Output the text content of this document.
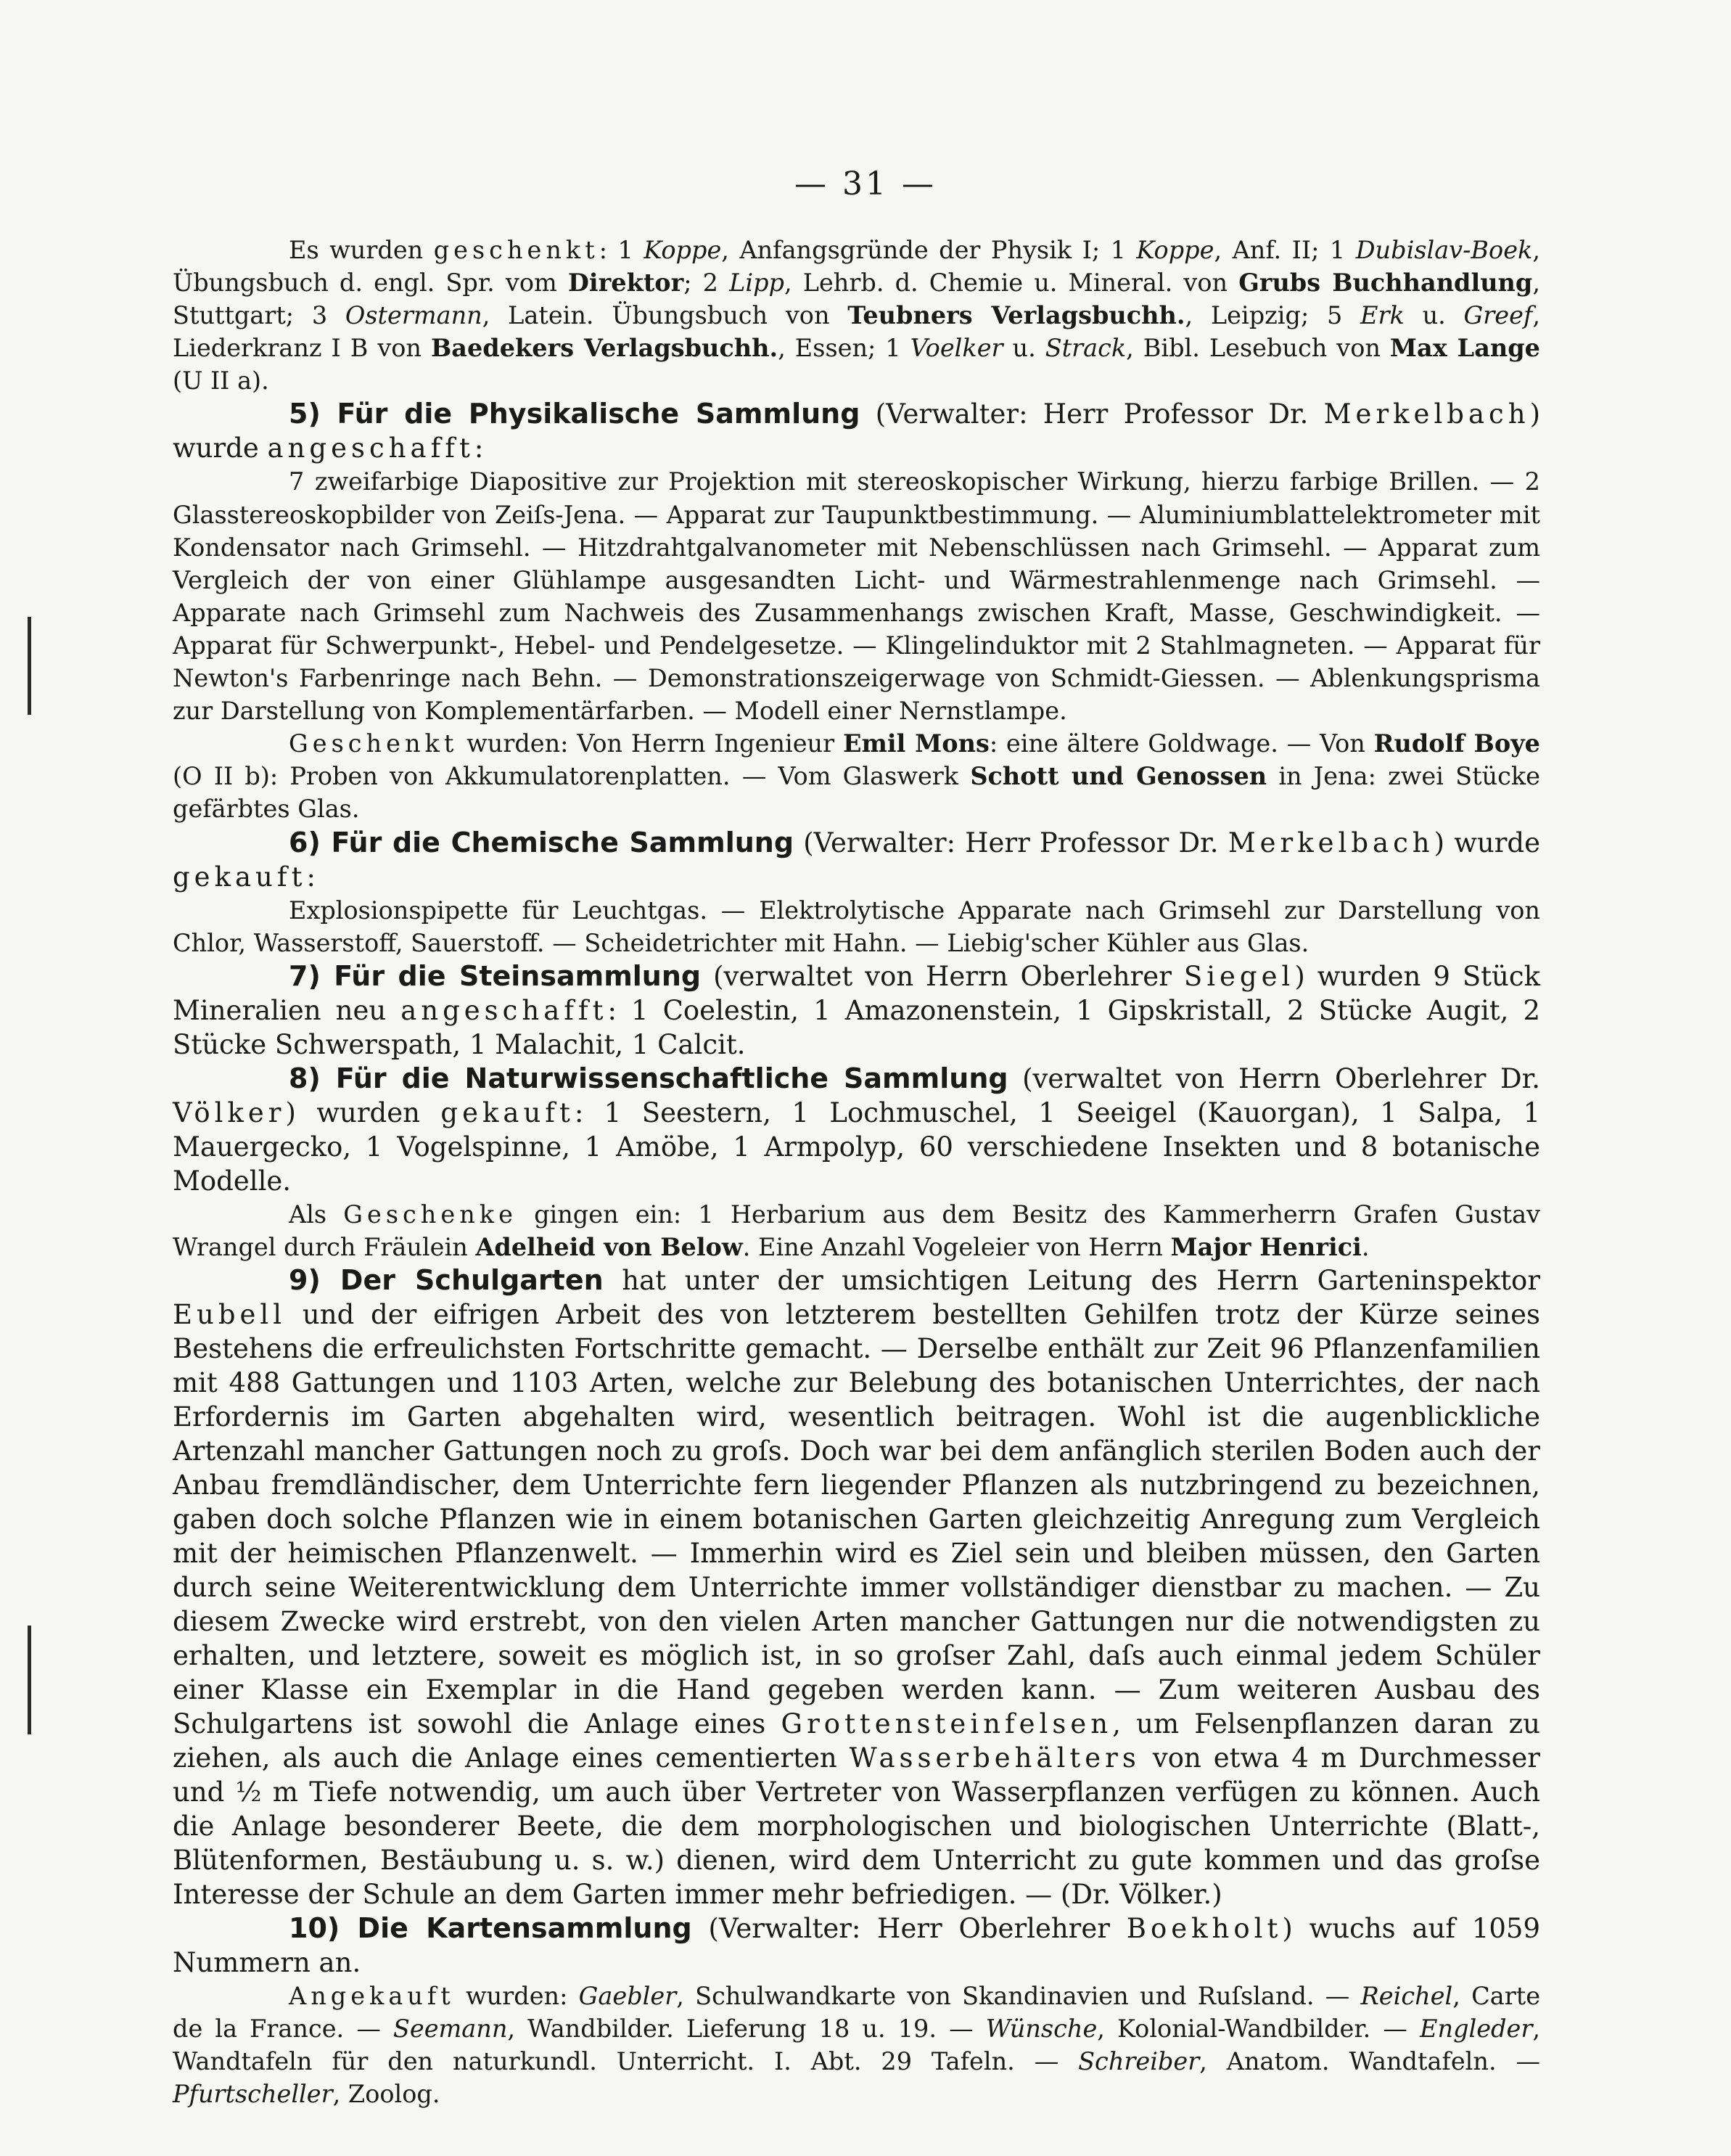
— 31 —

Es wurden geschenkt: 1 Koppe, Anfangsgründe der Physik I; 1 Koppe, Anf. II; 1 Dubislav-Boek, Übungsbuch d. engl. Spr. vom Direktor; 2 Lipp, Lehrb. d. Chemie u. Mineral. von Grubs Buchhandlung, Stuttgart; 3 Ostermann, Latein. Übungsbuch von Teubners Verlagsbuchh., Leipzig; 5 Erk u. Greef, Liederkranz I B von Baedekers Verlagsbuchh., Essen; 1 Voelker u. Strack, Bibl. Lesebuch von Max Lange (U II a).

5) Für die Physikalische Sammlung (Verwalter: Herr Professor Dr. Merkelbach) wurde angeschafft:

7 zweifarbige Diapositive zur Projektion mit stereoskopischer Wirkung, hierzu farbige Brillen. — 2 Glasstereoskopbilder von Zeiſs-Jena. — Apparat zur Taupunktbestimmung. — Aluminiumblattelektrometer mit Kondensator nach Grimsehl. — Hitzdrahtgalvanometer mit Nebenschlüssen nach Grimsehl. — Apparat zum Vergleich der von einer Glühlampe ausgesandten Licht- und Wärmestrahlenmenge nach Grimsehl. — Apparate nach Grimsehl zum Nachweis des Zusammenhangs zwischen Kraft, Masse, Geschwindigkeit. — Apparat für Schwerpunkt-, Hebel- und Pendelgesetze. — Klingelinduktor mit 2 Stahlmagneten. — Apparat für Newton's Farbenringe nach Behn. — Demonstrationszeigerwage von Schmidt-Giessen. — Ablenkungsprisma zur Darstellung von Komplementärfarben. — Modell einer Nernstlampe.

Geschenkt wurden: Von Herrn Ingenieur Emil Mons: eine ältere Goldwage. — Von Rudolf Boye (O II b): Proben von Akkumulatorenplatten. — Vom Glaswerk Schott und Genossen in Jena: zwei Stücke gefärbtes Glas.

6) Für die Chemische Sammlung (Verwalter: Herr Professor Dr. Merkelbach) wurde gekauft:

Explosionspipette für Leuchtgas. — Elektrolytische Apparate nach Grimsehl zur Darstellung von Chlor, Wasserstoff, Sauerstoff. — Scheidetrichter mit Hahn. — Liebig'scher Kühler aus Glas.

7) Für die Steinsammlung (verwaltet von Herrn Oberlehrer Siegel) wurden 9 Stück Mineralien neu angeschafft: 1 Coelestin, 1 Amazonenstein, 1 Gipskristall, 2 Stücke Augit, 2 Stücke Schwerspath, 1 Malachit, 1 Calcit.

8) Für die Naturwissenschaftliche Sammlung (verwaltet von Herrn Oberlehrer Dr. Völker) wurden gekauft: 1 Seestern, 1 Lochmuschel, 1 Seeigel (Kauorgan), 1 Salpa, 1 Mauergecko, 1 Vogelspinne, 1 Amöbe, 1 Armpolyp, 60 verschiedene Insekten und 8 botanische Modelle.

Als Geschenke gingen ein: 1 Herbarium aus dem Besitz des Kammerherrn Grafen Gustav Wrangel durch Fräulein Adelheid von Below. Eine Anzahl Vogeleier von Herrn Major Henrici.

9) Der Schulgarten hat unter der umsichtigen Leitung des Herrn Garteninspektor Eubell und der eifrigen Arbeit des von letzterem bestellten Gehilfen trotz der Kürze seines Bestehens die erfreulichsten Fortschritte gemacht. — Derselbe enthält zur Zeit 96 Pflanzenfamilien mit 488 Gattungen und 1103 Arten, welche zur Belebung des botanischen Unterrichtes, der nach Erfordernis im Garten abgehalten wird, wesentlich beitragen. Wohl ist die augenblickliche Artenzahl mancher Gattungen noch zu groſs. Doch war bei dem anfänglich sterilen Boden auch der Anbau fremdländischer, dem Unterrichte fern liegender Pflanzen als nutzbringend zu bezeichnen, gaben doch solche Pflanzen wie in einem botanischen Garten gleichzeitig Anregung zum Vergleich mit der heimischen Pflanzenwelt. — Immerhin wird es Ziel sein und bleiben müssen, den Garten durch seine Weiterentwicklung dem Unterrichte immer vollständiger dienstbar zu machen. — Zu diesem Zwecke wird erstrebt, von den vielen Arten mancher Gattungen nur die notwendigsten zu erhalten, und letztere, soweit es möglich ist, in so groſser Zahl, daſs auch einmal jedem Schüler einer Klasse ein Exemplar in die Hand gegeben werden kann. — Zum weiteren Ausbau des Schulgartens ist sowohl die Anlage eines Grottensteinfelsen, um Felsenpflanzen daran zu ziehen, als auch die Anlage eines cementierten Wasserbehälters von etwa 4 m Durchmesser und ½ m Tiefe notwendig, um auch über Vertreter von Wasserpflanzen verfügen zu können. Auch die Anlage besonderer Beete, die dem morphologischen und biologischen Unterrichte (Blatt-, Blütenformen, Bestäubung u. s. w.) dienen, wird dem Unterricht zu gute kommen und das groſse Interesse der Schule an dem Garten immer mehr befriedigen. — (Dr. Völker.)

10) Die Kartensammlung (Verwalter: Herr Oberlehrer Boekholt) wuchs auf 1059 Nummern an.

Angekauft wurden: Gaebler, Schulwandkarte von Skandinavien und Ruſsland. — Reichel, Carte de la France. — Seemann, Wandbilder. Lieferung 18 u. 19. — Wünsche, Kolonial-Wandbilder. — Engleder, Wandtafeln für den naturkundl. Unterricht. I. Abt. 29 Tafeln. — Schreiber, Anatom. Wandtafeln. — Pfurtscheller, Zoolog.
